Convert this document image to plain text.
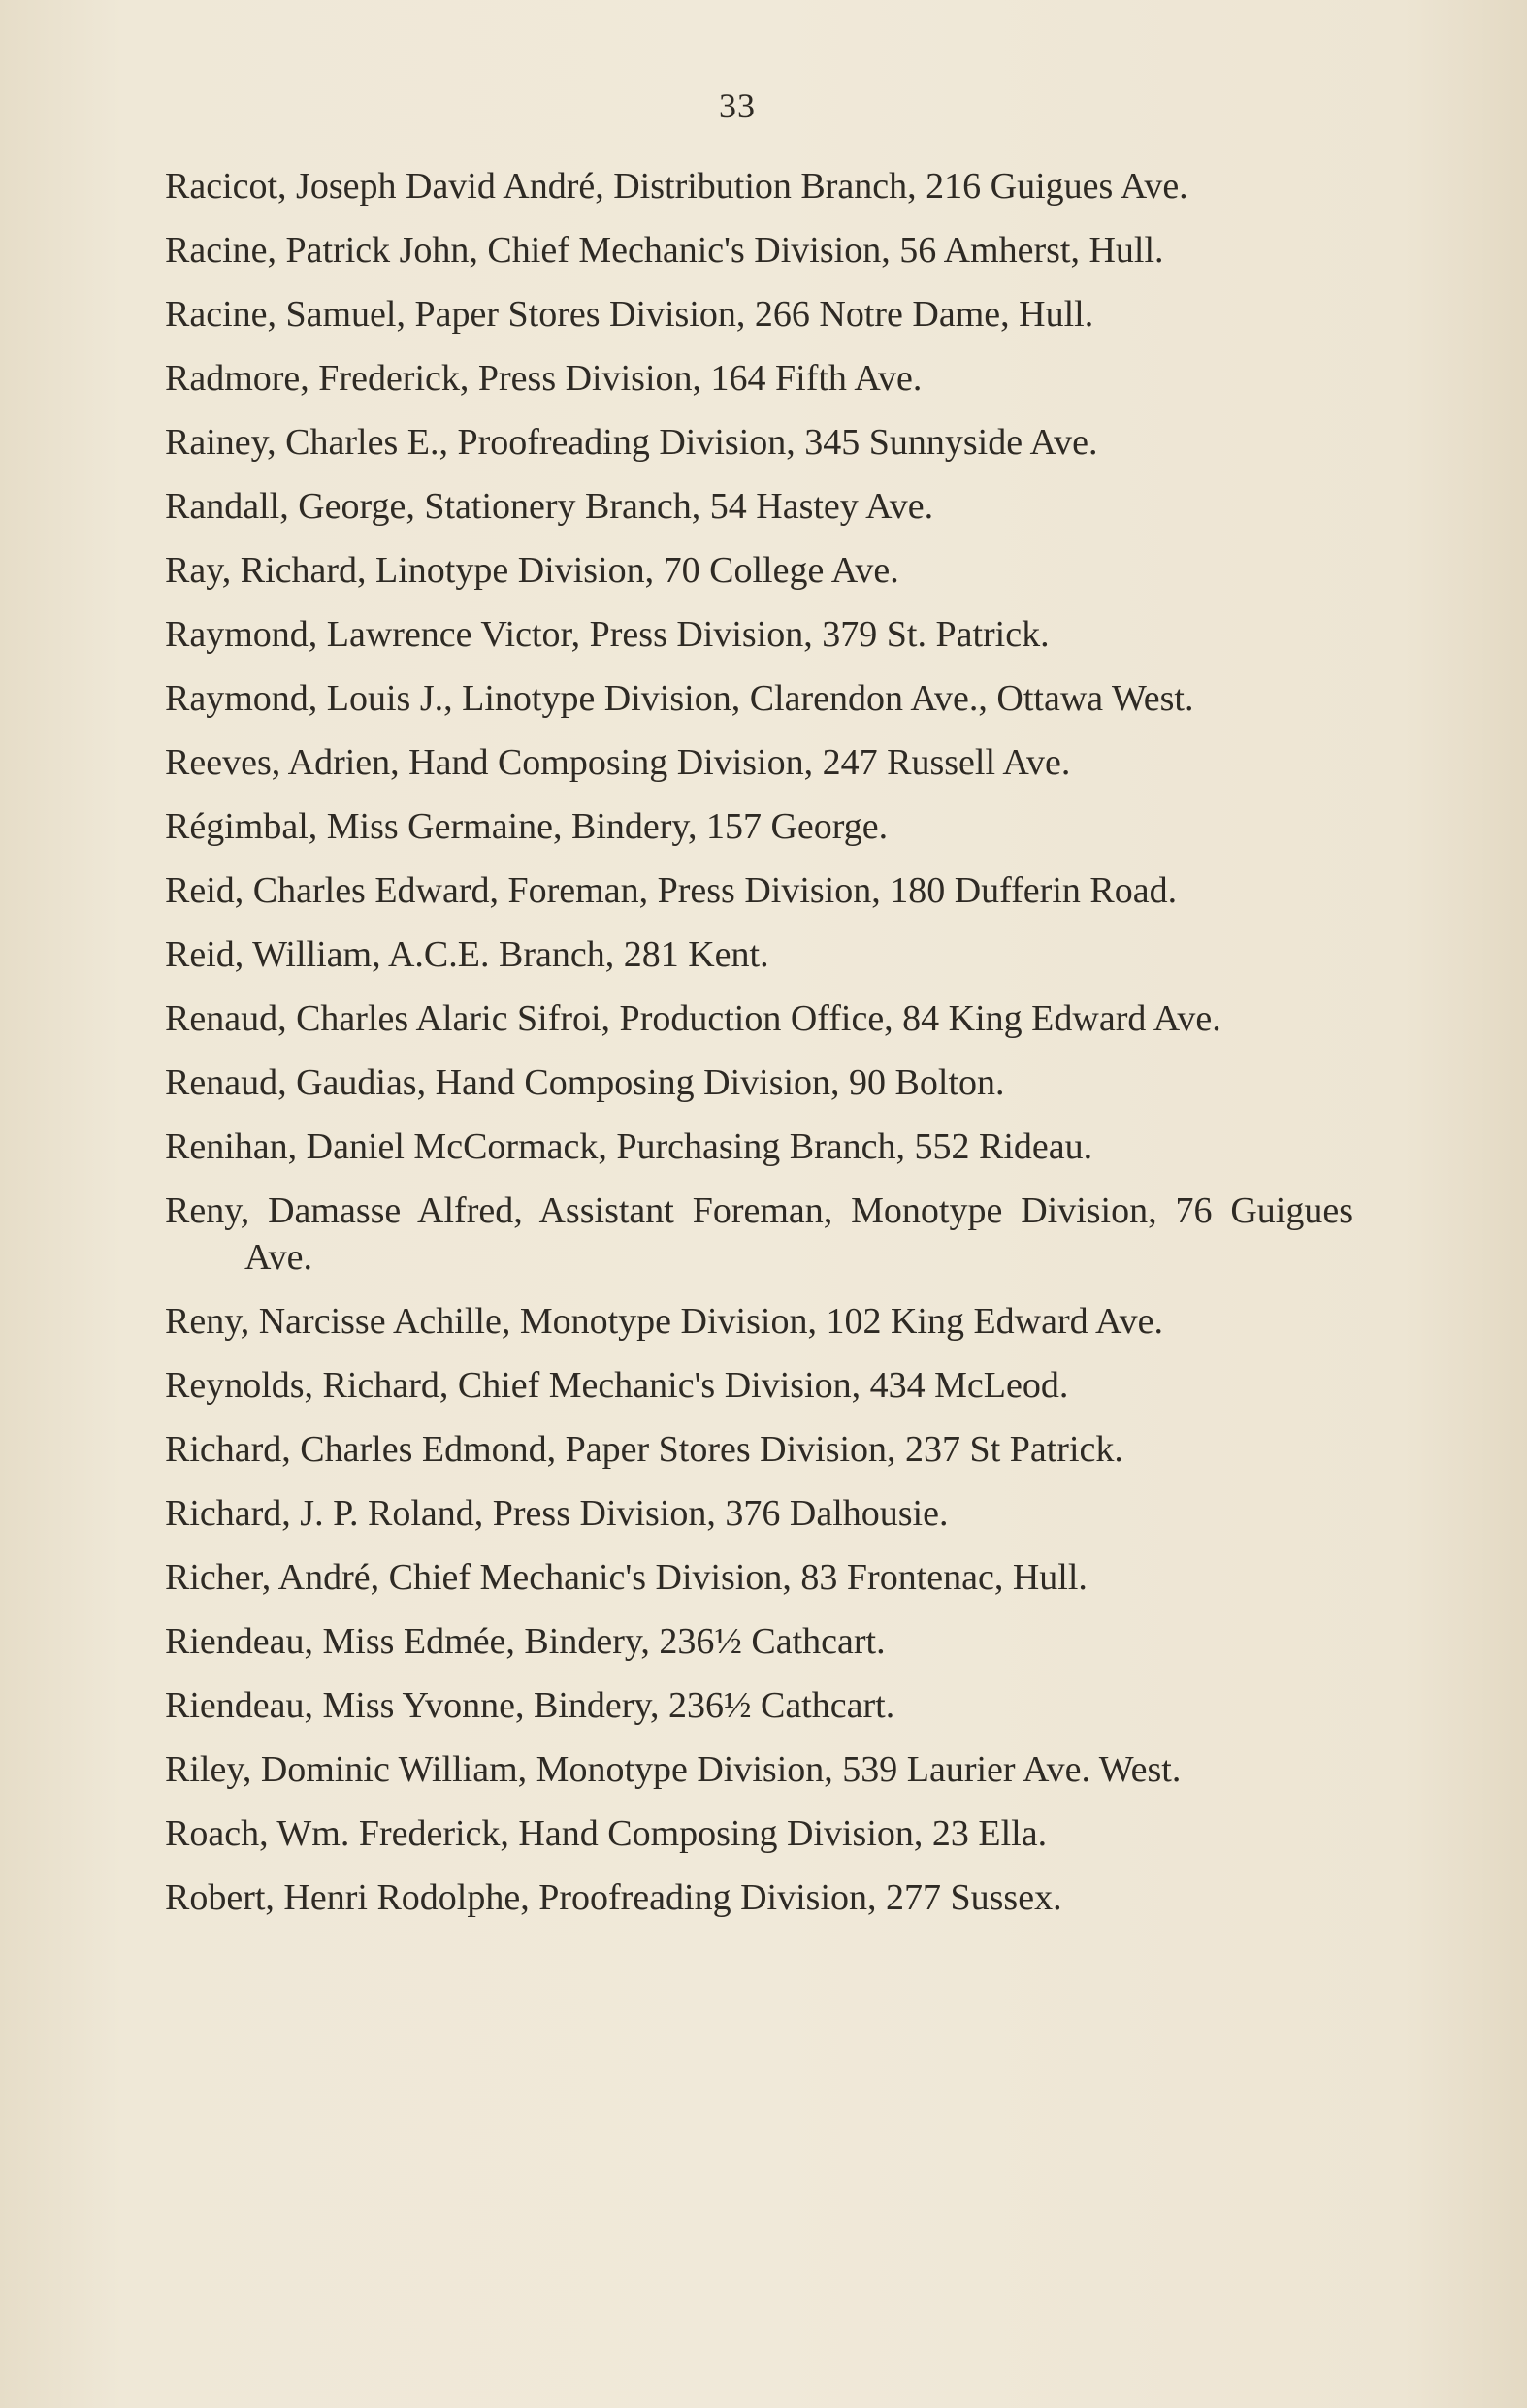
33
Racicot, Joseph David André, Distribution Branch, 216 Guigues Ave.
Racine, Patrick John, Chief Mechanic's Division, 56 Amherst, Hull.
Racine, Samuel, Paper Stores Division, 266 Notre Dame, Hull.
Radmore, Frederick, Press Division, 164 Fifth Ave.
Rainey, Charles E., Proofreading Division, 345 Sunnyside Ave.
Randall, George, Stationery Branch, 54 Hastey Ave.
Ray, Richard, Linotype Division, 70 College Ave.
Raymond, Lawrence Victor, Press Division, 379 St. Patrick.
Raymond, Louis J., Linotype Division, Clarendon Ave., Ottawa West.
Reeves, Adrien, Hand Composing Division, 247 Russell Ave.
Régimbal, Miss Germaine, Bindery, 157 George.
Reid, Charles Edward, Foreman, Press Division, 180 Dufferin Road.
Reid, William, A.C.E. Branch, 281 Kent.
Renaud, Charles Alaric Sifroi, Production Office, 84 King Edward Ave.
Renaud, Gaudias, Hand Composing Division, 90 Bolton.
Renihan, Daniel McCormack, Purchasing Branch, 552 Rideau.
Reny, Damasse Alfred, Assistant Foreman, Monotype Division, 76 Guigues Ave.
Reny, Narcisse Achille, Monotype Division, 102 King Edward Ave.
Reynolds, Richard, Chief Mechanic's Division, 434 McLeod.
Richard, Charles Edmond, Paper Stores Division, 237 St Patrick.
Richard, J. P. Roland, Press Division, 376 Dalhousie.
Richer, André, Chief Mechanic's Division, 83 Frontenac, Hull.
Riendeau, Miss Edmée, Bindery, 236½ Cathcart.
Riendeau, Miss Yvonne, Bindery, 236½ Cathcart.
Riley, Dominic William, Monotype Division, 539 Laurier Ave. West.
Roach, Wm. Frederick, Hand Composing Division, 23 Ella.
Robert, Henri Rodolphe, Proofreading Division, 277 Sussex.
